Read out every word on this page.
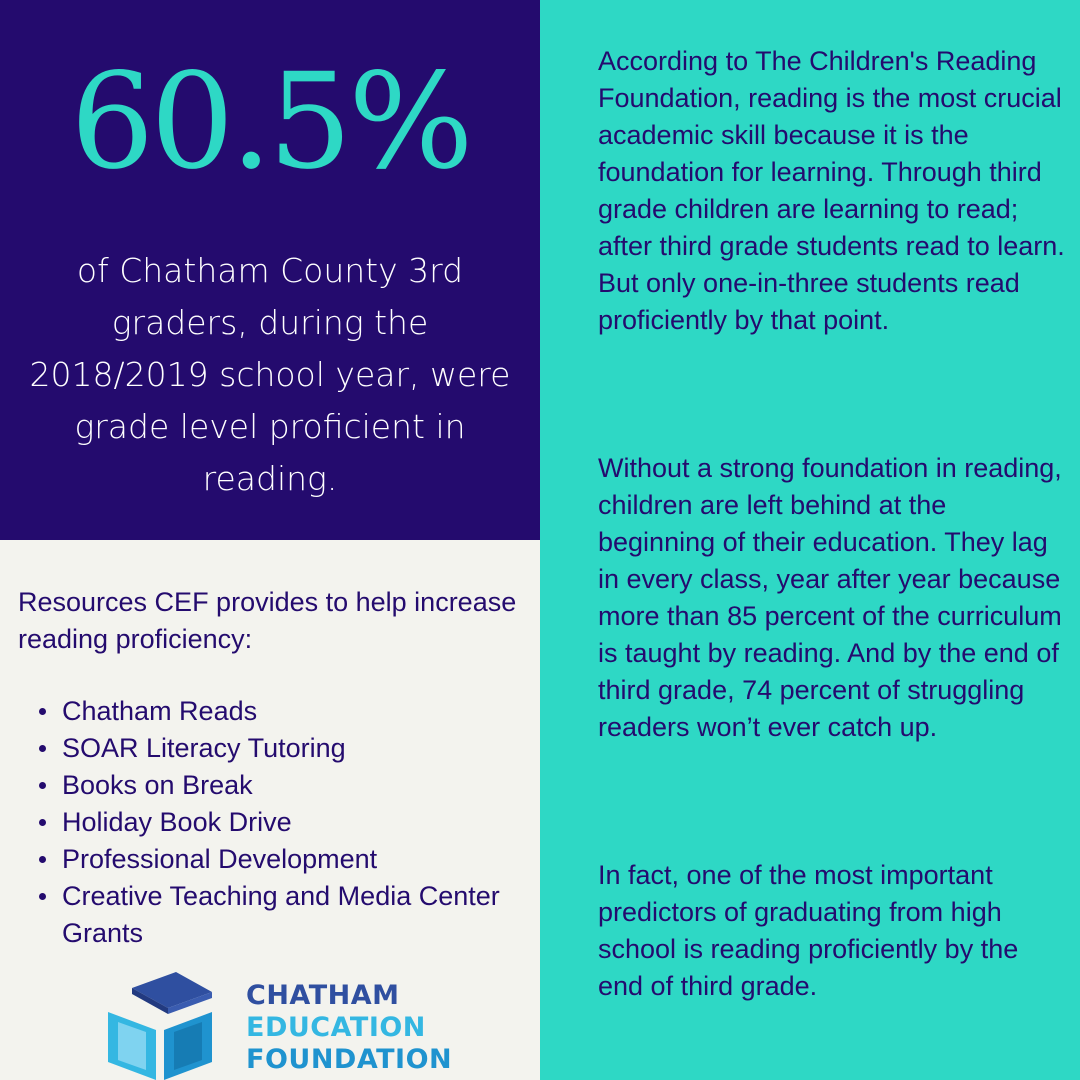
60.5%

of Chatham County 3rd graders, during the 2018/2019 school year, were grade level proficient in reading.

Resources CEF provides to help increase reading proficiency:

Chatham Reads
SOAR Literacy Tutoring
Books on Break
Holiday Book Drive
Professional Development
Creative Teaching and Media Center Grants
CHATHAM
EDUCATION
FOUNDATION

According to The Children's Reading Foundation, reading is the most crucial academic skill because it is the foundation for learning. Through third grade children are learning to read; after third grade students read to learn. But only one-in-three students read proficiently by that point.

Without a strong foundation in reading, children are left behind at the beginning of their education. They lag in every class, year after year because more than 85 percent of the curriculum is taught by reading. And by the end of third grade, 74 percent of struggling readers won’t ever catch up.

In fact, one of the most important predictors of graduating from high school is reading proficiently by the end of third grade.
